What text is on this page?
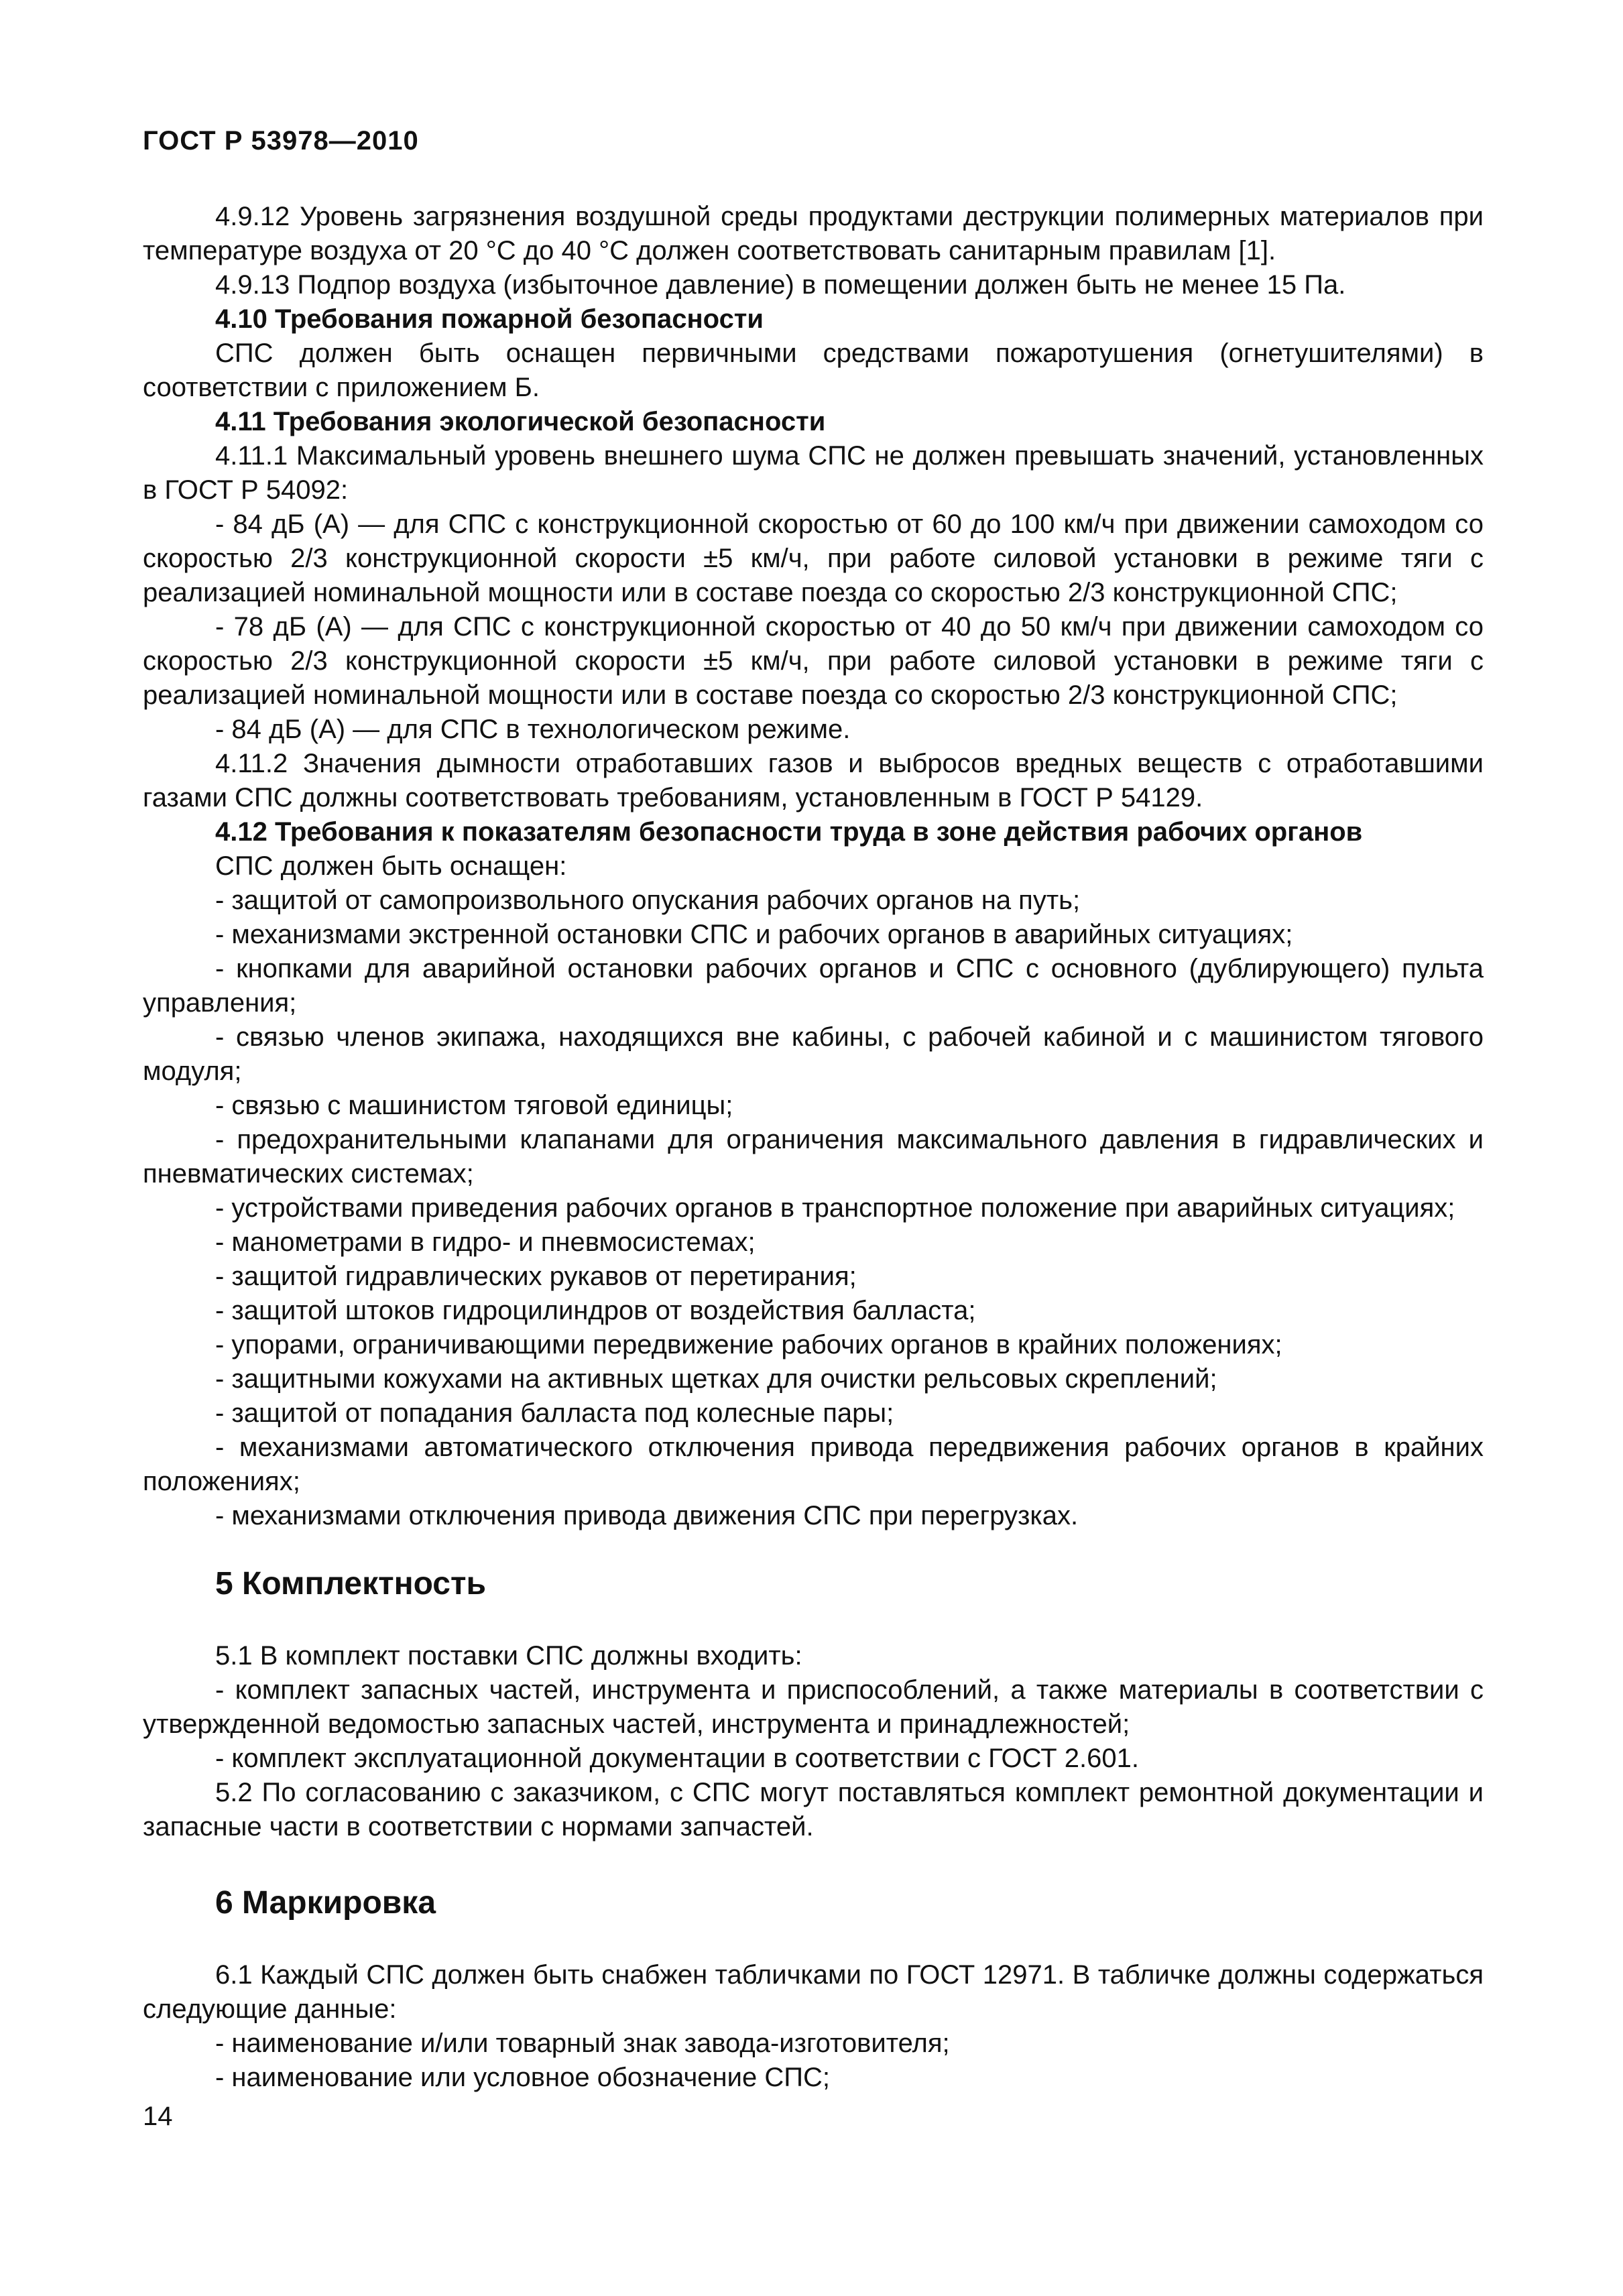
ГОСТ Р 53978—2010

4.9.12 Уровень загрязнения воздушной среды продуктами деструкции полимерных материалов при температуре воздуха от 20 °С до 40 °С должен соответствовать санитарным правилам [1].

4.9.13 Подпор воздуха (избыточное давление) в помещении должен быть не менее 15 Па.

4.10 Требования пожарной безопасности

СПС должен быть оснащен первичными средствами пожаротушения (огнетушителями) в соответствии с приложением Б.

4.11 Требования экологической безопасности

4.11.1 Максимальный уровень внешнего шума СПС не должен превышать значений, установленных в ГОСТ Р 54092:

- 84 дБ (А) — для СПС с конструкционной скоростью от 60 до 100 км/ч при движении самоходом со скоростью 2/3 конструкционной скорости ±5 км/ч, при работе силовой установки в режиме тяги с реализацией номинальной мощности или в составе поезда со скоростью 2/3 конструкционной СПС;

- 78 дБ (А) — для СПС с конструкционной скоростью от 40 до 50 км/ч при движении самоходом со скоростью 2/3 конструкционной скорости ±5 км/ч, при работе силовой установки в режиме тяги с реализацией номинальной мощности или в составе поезда со скоростью 2/3 конструкционной СПС;

- 84 дБ (А) — для СПС в технологическом режиме.

4.11.2 Значения дымности отработавших газов и выбросов вредных веществ с отработавшими газами СПС должны соответствовать требованиям, установленным в ГОСТ Р 54129.

4.12 Требования к показателям безопасности труда в зоне действия рабочих органов

СПС должен быть оснащен:

- защитой от самопроизвольного опускания рабочих органов на путь;

- механизмами экстренной остановки СПС и рабочих органов в аварийных ситуациях;

- кнопками для аварийной остановки рабочих органов и СПС с основного (дублирующего) пульта управления;

- связью членов экипажа, находящихся вне кабины, с рабочей кабиной и с машинистом тягового модуля;

- связью с машинистом тяговой единицы;

- предохранительными клапанами для ограничения максимального давления в гидравлических и пневматических системах;

- устройствами приведения рабочих органов в транспортное положение при аварийных ситуациях;

- манометрами в гидро- и пневмосистемах;

- защитой гидравлических рукавов от перетирания;

- защитой штоков гидроцилиндров от воздействия балласта;

- упорами, ограничивающими передвижение рабочих органов в крайних положениях;

- защитными кожухами на активных щетках для очистки рельсовых скреплений;

- защитой от попадания балласта под колесные пары;

- механизмами автоматического отключения привода передвижения рабочих органов в крайних положениях;

- механизмами отключения привода движения СПС при перегрузках.

5 Комплектность

5.1 В комплект поставки СПС должны входить:

- комплект запасных частей, инструмента и приспособлений, а также материалы в соответствии с утвержденной ведомостью запасных частей, инструмента и принадлежностей;

- комплект эксплуатационной документации в соответствии с ГОСТ 2.601.

5.2 По согласованию с заказчиком, с СПС могут поставляться комплект ремонтной документации и запасные части в соответствии с нормами запчастей.

6 Маркировка

6.1 Каждый СПС должен быть снабжен табличками по ГОСТ 12971. В табличке должны содержаться следующие данные:

- наименование и/или товарный знак завода-изготовителя;

- наименование или условное обозначение СПС;

14
